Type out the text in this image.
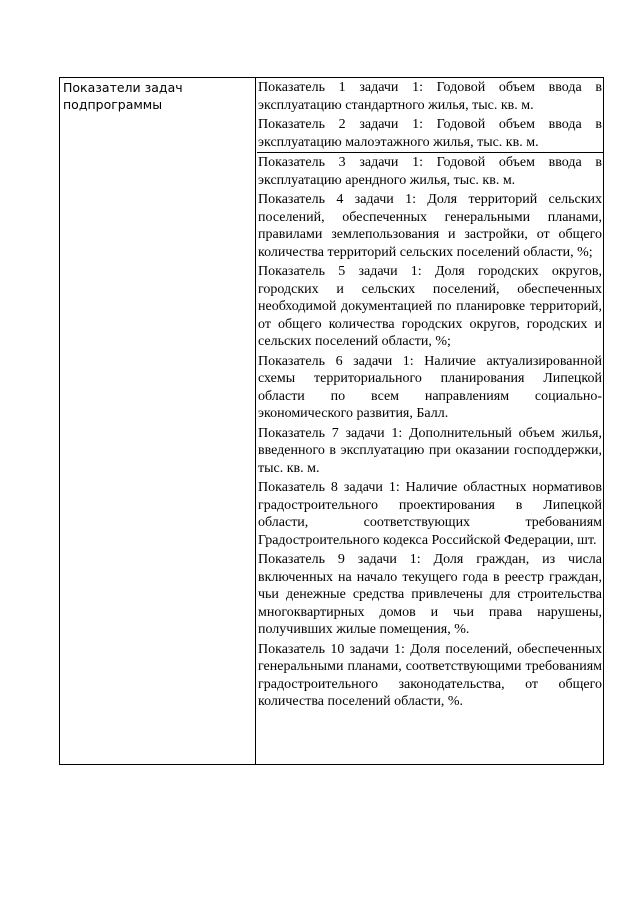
Показатели задач подпрограммы

Показатель 1 задачи 1: Годовой объем ввода в эксплуатацию стандартного жилья, тыс. кв. м.

Показатель 2 задачи 1: Годовой объем ввода в эксплуатацию малоэтажного жилья, тыс. кв. м.

Показатель 3 задачи 1: Годовой объем ввода в эксплуатацию арендного жилья, тыс. кв. м.

Показатель 4 задачи 1: Доля территорий сельских поселений, обеспеченных генеральными планами, правилами землепользования и застройки, от общего количества территорий сельских поселений области, %;

Показатель 5 задачи 1: Доля городских округов, городских и сельских поселений, обеспеченных необходимой документацией по планировке территорий, от общего количества городских округов, городских и сельских поселений области, %;

Показатель 6 задачи 1: Наличие актуализированной схемы территориального планирования Липецкой области по всем направлениям социально-экономического развития, Балл.

Показатель 7 задачи 1: Дополнительный объем жилья, введенного в эксплуатацию при оказании господдержки, тыс. кв. м.

Показатель 8 задачи 1: Наличие областных нормативов градостроительного проектирования в Липецкой области, соответствующих требованиям Градостроительного кодекса Российской Федерации, шт.

Показатель 9 задачи 1: Доля граждан, из числа включенных на начало текущего года в реестр граждан, чьи денежные средства привлечены для строительства многоквартирных домов и чьи права нарушены, получивших жилые помещения, %.

Показатель 10 задачи 1: Доля поселений, обеспеченных генеральными планами, соответствующими требованиям градостроительного законодательства, от общего количества поселений области, %.
